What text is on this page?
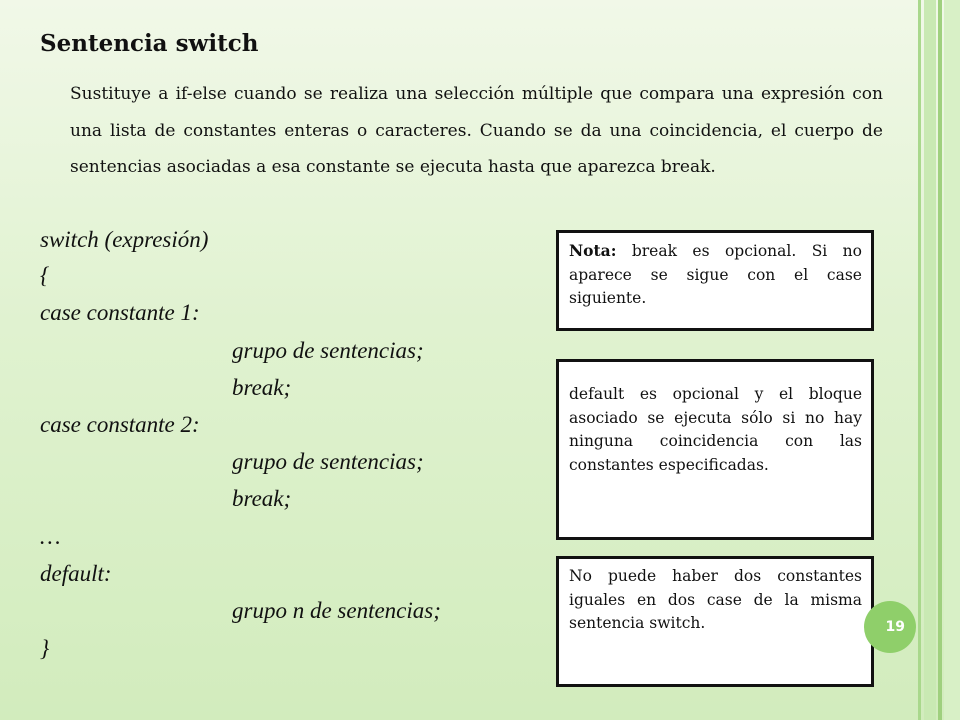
Sentencia switch

Sustituye a if-else cuando se realiza una selección múltiple que compara una expresión con una lista de constantes enteras o caracteres. Cuando se da una coincidencia, el cuerpo de sentencias asociadas a esa constante se ejecuta hasta que aparezca break.

switch (expresión)
{
case constante 1:
grupo de sentencias;
break;
case constante 2:
grupo de sentencias;
break;
…
default:
grupo n de sentencias;
}
Nota: break es opcional. Si no aparece se sigue con el case siguiente.
default es opcional y el bloque asociado se ejecuta sólo si no hay ninguna coincidencia con las constantes especificadas.
No puede haber dos constantes iguales en dos case de la misma sentencia switch.	19
